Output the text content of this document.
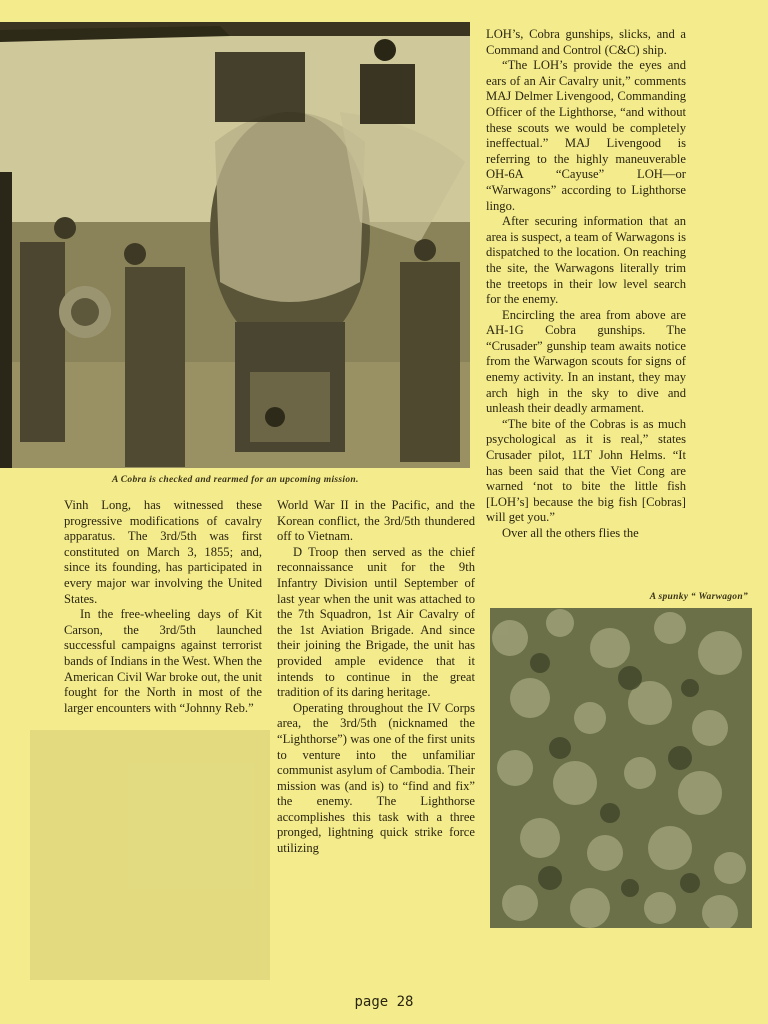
A Cobra is checked and rearmed for an upcoming mission.

Vinh Long, has witnessed these progressive modifications of cavalry apparatus. The 3rd/5th was first constituted on March 3, 1855; and, since its founding, has participated in every major war involving the United States.

In the free-wheeling days of Kit Carson, the 3rd/5th launched successful campaigns against terrorist bands of Indians in the West. When the American Civil War broke out, the unit fought for the North in most of the larger encounters with “Johnny Reb.”

World War II in the Pacific, and the Korean conflict, the 3rd/5th thundered off to Vietnam.

D Troop then served as the chief reconnaissance unit for the 9th Infantry Division until September of last year when the unit was attached to the 7th Squadron, 1st Air Cavalry of the 1st Aviation Brigade. And since their joining the Brigade, the unit has provided ample evidence that it intends to continue in the great tradition of its daring heritage.

Operating throughout the IV Corps area, the 3rd/5th (nicknamed the “Lighthorse”) was one of the first units to venture into the unfamiliar communist asylum of Cambodia. Their mission was (and is) to “find and fix” the enemy. The Lighthorse accomplishes this task with a three pronged, lightning quick strike force utilizing

LOH’s, Cobra gunships, slicks, and a Command and Control (C&C) ship.

“The LOH’s provide the eyes and ears of an Air Cavalry unit,” comments MAJ Delmer Livengood, Commanding Officer of the Lighthorse, “and without these scouts we would be completely ineffectual.” MAJ Livengood is referring to the highly maneuverable OH-6A “Cayuse” LOH—or “Warwagons” according to Lighthorse lingo.

After securing information that an area is suspect, a team of Warwagons is dispatched to the location. On reaching the site, the Warwagons literally trim the treetops in their low level search for the enemy.

Encircling the area from above are AH-1G Cobra gunships. The “Crusader” gunship team awaits notice from the Warwagon scouts for signs of enemy activity. In an instant, they may arch high in the sky to dive and unleash their deadly armament.

“The bite of the Cobras is as much psychological as it is real,” states Crusader pilot, 1LT John Helms. “It has been said that the Viet Cong are warned ‘not to bite the little fish [LOH’s] because the big fish [Cobras] will get you.”

Over all the others flies the

A spunky “ Warwagon”
page 28
